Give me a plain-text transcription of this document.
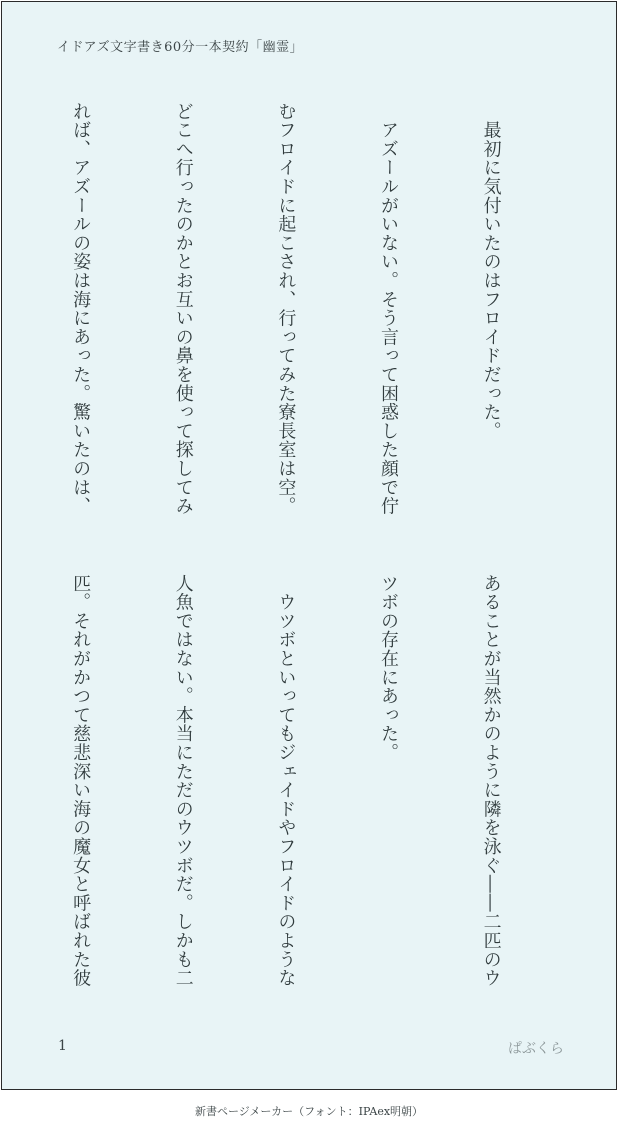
イドアズ文字書き60分一本契約「幽霊」

　最初に気付いたのはフロイドだった。

　アズールがいない。そう言って困惑した顔で佇

むフロイドに起こされ、行ってみた寮長室は空。

どこへ行ったのかとお互いの鼻を使って探してみ

れば、アズールの姿は海にあった。驚いたのは、

あることが当然かのように隣を泳ぐ――二匹のウ

ツボの存在にあった。

　ウツボといってもジェイドやフロイドのような

人魚ではない。本当にただのウツボだ。しかも二

匹。それがかつて慈悲深い海の魔女と呼ばれた彼

1	ぱぶくら
新書ページメーカー（フォント：IPAex明朝）
